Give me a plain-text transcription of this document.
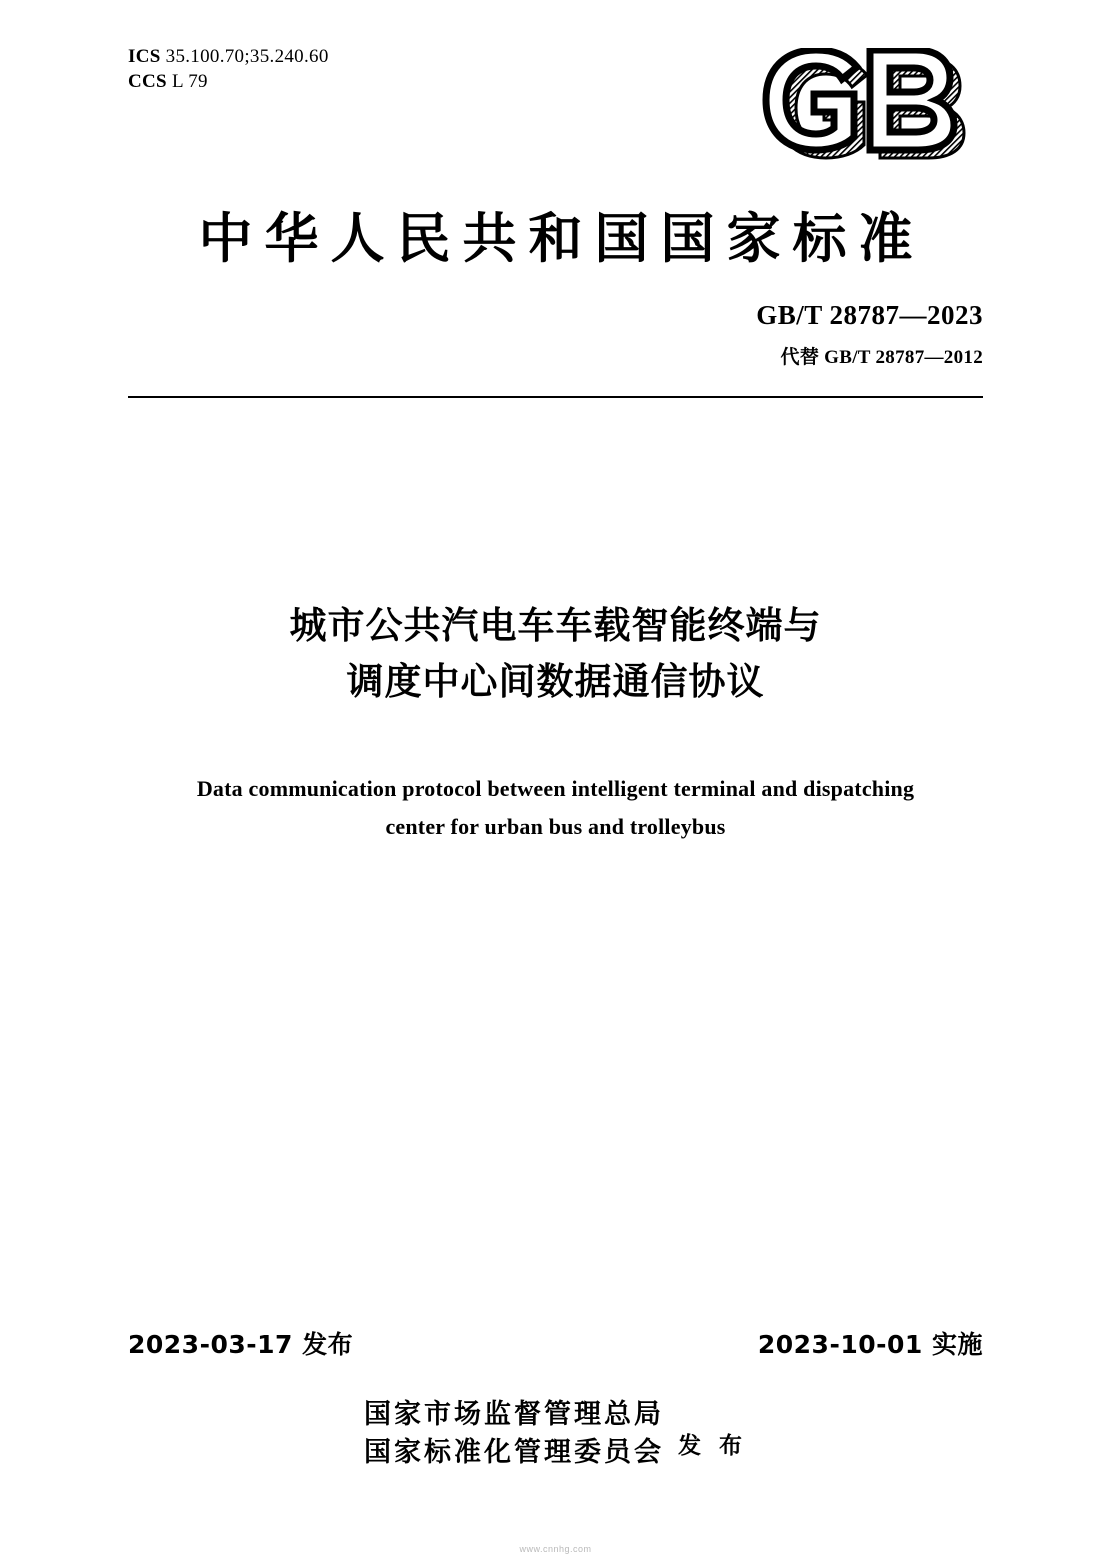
ICS 35.100.70;35.240.60
CCS L 79
中华人民共和国国家标准
GB/T 28787—2023
代替 GB/T 28787—2012
城市公共汽电车车载智能终端与
调度中心间数据通信协议
Data communication protocol between intelligent terminal and dispatching
center for urban bus and trolleybus
2023-03-17 发布	2023-10-01 实施
国家市场监督管理总局
国家标准化管理委员会 发 布
www.cnnhg.com
